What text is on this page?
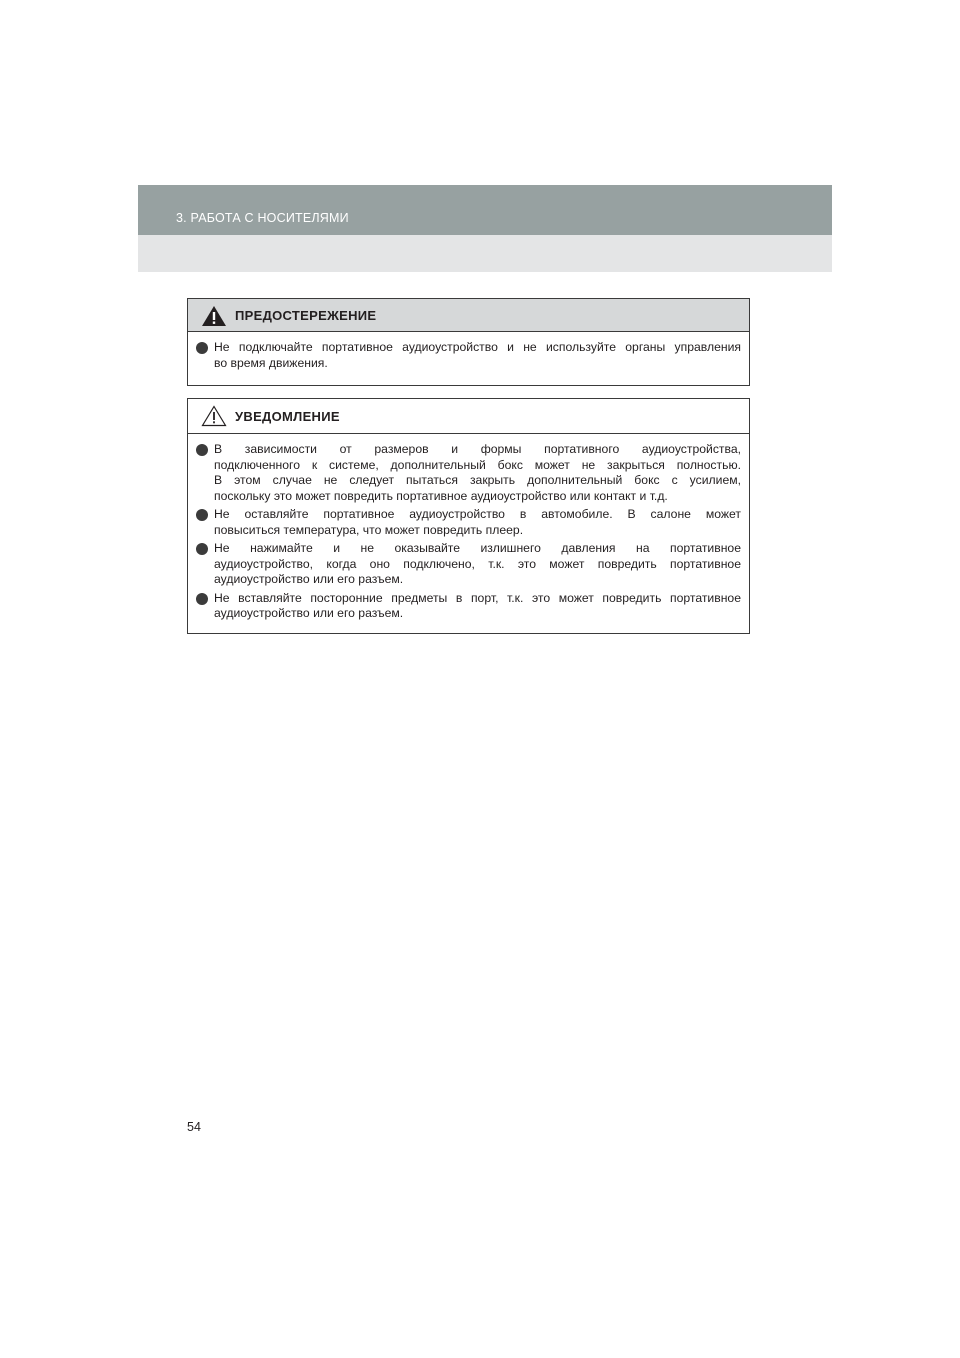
3. РАБОТА С НОСИТЕЛЯМИ
ПРЕДОСТЕРЕЖЕНИЕ
Не подключайте портативное аудиоустройство и не используйте органы управления
во время движения.
УВЕДОМЛЕНИЕ
В зависимости от размеров и формы портативного аудиоустройства,
подключенного к системе, дополнительный бокс может не закрыться полностью.
В этом случае не следует пытаться закрыть дополнительный бокс с усилием,
поскольку это может повредить портативное аудиоустройство или контакт и т.д.
Не оставляйте портативное аудиоустройство в автомобиле. В салоне может
повыситься температура, что может повредить плеер.
Не нажимайте и не оказывайте излишнего давления на портативное
аудиоустройство, когда оно подключено, т.к. это может повредить портативное
аудиоустройство или его разъем.
Не вставляйте посторонние предметы в порт, т.к. это может повредить портативное
аудиоустройство или его разъем.
54
